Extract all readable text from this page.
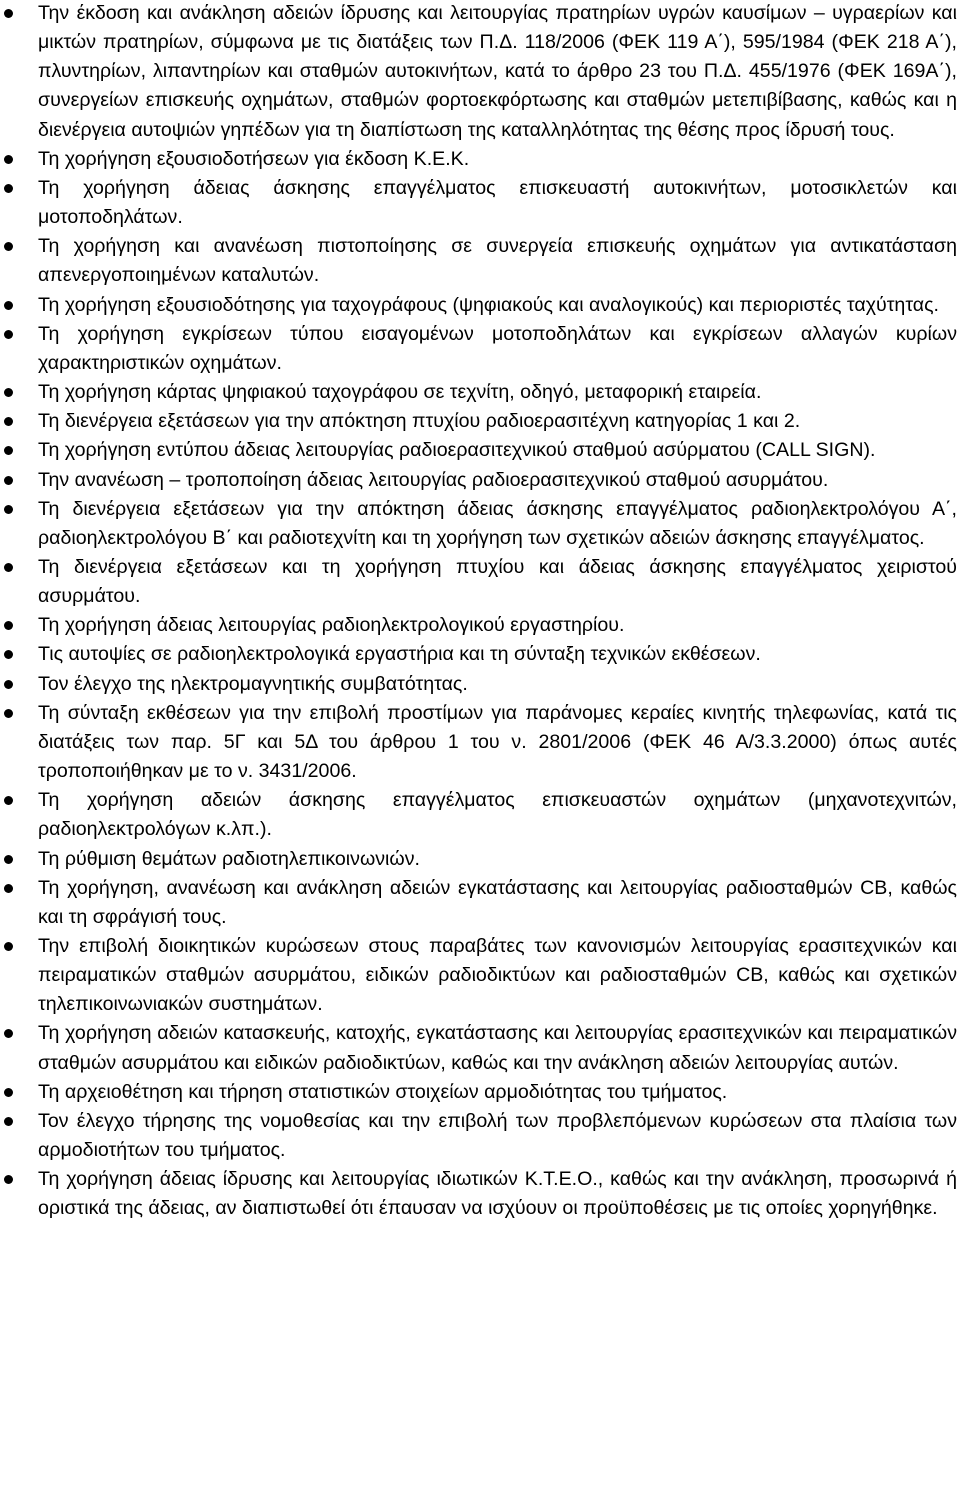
Την έκδοση και ανάκληση αδειών ίδρυσης και λειτουργίας πρατηρίων υγρών καυσίμων – υγραερίων και μικτών πρατηρίων, σύμφωνα με τις διατάξεις των Π.Δ. 118/2006 (ΦΕΚ 119 Α΄), 595/1984 (ΦΕΚ 218 Α΄), πλυντηρίων, λιπαντηρίων και σταθμών αυτοκινήτων, κατά το άρθρο 23 του Π.Δ. 455/1976 (ΦΕΚ 169Α΄), συνεργείων επισκευής οχημάτων, σταθμών φορτοεκφόρτωσης και σταθμών μετεπιβίβασης, καθώς και η διενέργεια αυτοψιών γηπέδων για τη διαπίστωση της καταλληλότητας της θέσης προς ίδρυσή τους.
Τη χορήγηση εξουσιοδοτήσεων για έκδοση Κ.Ε.Κ.
Τη χορήγηση άδειας άσκησης επαγγέλματος επισκευαστή αυτοκινήτων, μοτοσικλετών και μοτοποδηλάτων.
Τη χορήγηση και ανανέωση πιστοποίησης σε συνεργεία επισκευής οχημάτων για αντικατάσταση απενεργοποιημένων καταλυτών.
Τη χορήγηση εξουσιοδότησης για ταχογράφους (ψηφιακούς και αναλογικούς) και περιοριστές ταχύτητας.
Τη χορήγηση εγκρίσεων τύπου εισαγομένων μοτοποδηλάτων και εγκρίσεων αλλαγών κυρίων χαρακτηριστικών οχημάτων.
Τη χορήγηση κάρτας ψηφιακού ταχογράφου σε τεχνίτη, οδηγό, μεταφορική εταιρεία.
Τη διενέργεια εξετάσεων για την απόκτηση πτυχίου ραδιοερασιτέχνη κατηγορίας 1 και 2.
Τη χορήγηση εντύπου άδειας λειτουργίας ραδιοερασιτεχνικού σταθμού ασύρματου (CALL SIGN).
Την ανανέωση – τροποποίηση άδειας λειτουργίας ραδιοερασιτεχνικού σταθμού ασυρμάτου.
Τη διενέργεια εξετάσεων για την απόκτηση άδειας άσκησης επαγγέλματος ραδιοηλεκτρολόγου Α΄, ραδιοηλεκτρολόγου Β΄ και ραδιοτεχνίτη και τη χορήγηση των σχετικών αδειών άσκησης επαγγέλματος.
Τη διενέργεια εξετάσεων και τη χορήγηση πτυχίου και άδειας άσκησης επαγγέλματος χειριστού ασυρμάτου.
Τη χορήγηση άδειας λειτουργίας ραδιοηλεκτρολογικού εργαστηρίου.
Τις αυτοψίες σε ραδιοηλεκτρολογικά εργαστήρια και τη σύνταξη τεχνικών εκθέσεων.
Τον έλεγχο της ηλεκτρομαγνητικής συμβατότητας.
Τη σύνταξη εκθέσεων για την επιβολή προστίμων για παράνομες κεραίες κινητής τηλεφωνίας, κατά τις διατάξεις των παρ. 5Γ και 5Δ του άρθρου 1 του ν. 2801/2006 (ΦΕΚ 46 Α/3.3.2000) όπως αυτές τροποποιήθηκαν με το ν. 3431/2006.
Τη χορήγηση αδειών άσκησης επαγγέλματος επισκευαστών οχημάτων (μηχανοτεχνιτών, ραδιοηλεκτρολόγων κ.λπ.).
Τη ρύθμιση θεμάτων ραδιοτηλεπικοινωνιών.
Τη χορήγηση, ανανέωση και ανάκληση αδειών εγκατάστασης και λειτουργίας ραδιοσταθμών CB, καθώς και τη σφράγισή τους.
Την επιβολή διοικητικών κυρώσεων στους παραβάτες των κανονισμών λειτουργίας ερασιτεχνικών και πειραματικών σταθμών ασυρμάτου, ειδικών ραδιοδικτύων και ραδιοσταθμών CB, καθώς και σχετικών τηλεπικοινωνιακών συστημάτων.
Τη χορήγηση αδειών κατασκευής, κατοχής, εγκατάστασης και λειτουργίας ερασιτεχνικών και πειραματικών σταθμών ασυρμάτου και ειδικών ραδιοδικτύων, καθώς και την ανάκληση αδειών λειτουργίας αυτών.
Τη αρχειοθέτηση και τήρηση στατιστικών στοιχείων αρμοδιότητας του τμήματος.
Τον έλεγχο τήρησης της νομοθεσίας και την επιβολή των προβλεπόμενων κυρώσεων στα πλαίσια των αρμοδιοτήτων του τμήματος.
Τη χορήγηση άδειας ίδρυσης και λειτουργίας ιδιωτικών Κ.Τ.Ε.Ο., καθώς και την ανάκληση, προσωρινά ή οριστικά της άδειας, αν διαπιστωθεί ότι έπαυσαν να ισχύουν οι προϋποθέσεις με τις οποίες χορηγήθηκε.
